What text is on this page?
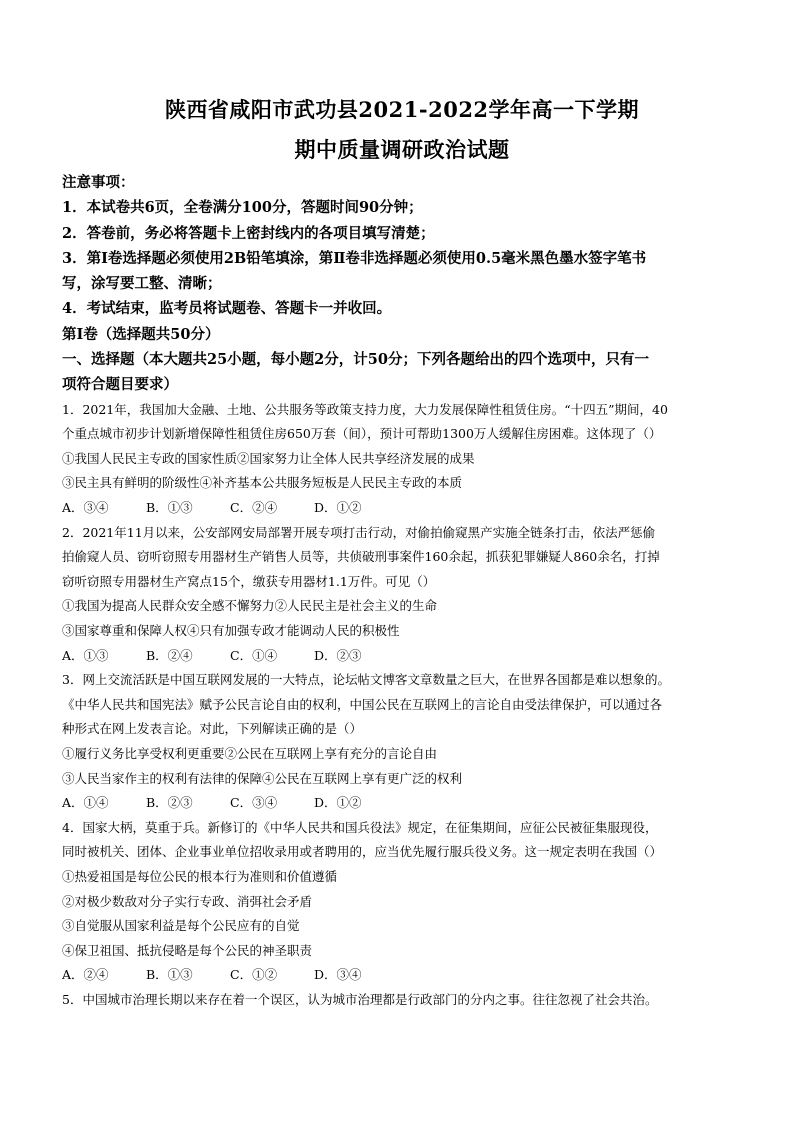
陕西省咸阳市武功县2021-2022学年高一下学期
期中质量调研政治试题
注意事项：
1．本试卷共6页，全卷满分100分，答题时间90分钟；
2．答卷前，务必将答题卡上密封线内的各项目填写清楚；
3．第Ⅰ卷选择题必须使用2B铅笔填涂，第Ⅱ卷非选择题必须使用0.5毫米黑色墨水签字笔书
写，涂写要工整、清晰；
4．考试结束，监考员将试题卷、答题卡一并收回。
第Ⅰ卷（选择题共50分）
一、选择题（本大题共25小题，每小题2分，计50分；下列各题给出的四个选项中，只有一
项符合题目要求）
1．2021年，我国加大金融、土地、公共服务等政策支持力度，大力发展保障性租赁住房。“十四五”期间，40
个重点城市初步计划新增保障性租赁住房650万套（间），预计可帮助1300万人缓解住房困难。这体现了（）
①我国人民民主专政的国家性质②国家努力让全体人民共享经济发展的成果
③民主具有鲜明的阶级性④补齐基本公共服务短板是人民民主专政的本质
A．③④	B．①③	C．②④	D．①②
2．2021年11月以来，公安部网安局部署开展专项打击行动，对偷拍偷窥黑产实施全链条打击，依法严惩偷
拍偷窥人员、窃听窃照专用器材生产销售人员等，共侦破刑事案件160余起，抓获犯罪嫌疑人860余名，打掉
窃听窃照专用器材生产窝点15个，缴获专用器材1.1万件。可见（）
①我国为提高人民群众安全感不懈努力②人民民主是社会主义的生命
③国家尊重和保障人权④只有加强专政才能调动人民的积极性
A．①③	B．②④	C．①④	D．②③
3．网上交流活跃是中国互联网发展的一大特点，论坛帖文博客文章数量之巨大，在世界各国都是难以想象的。
《中华人民共和国宪法》赋予公民言论自由的权利，中国公民在互联网上的言论自由受法律保护，可以通过各
种形式在网上发表言论。对此，下列解读正确的是（）
①履行义务比享受权利更重要②公民在互联网上享有充分的言论自由
③人民当家作主的权利有法律的保障④公民在互联网上享有更广泛的权利
A．①④	B．②③	C．③④	D．①②
4．国家大柄，莫重于兵。新修订的《中华人民共和国兵役法》规定，在征集期间，应征公民被征集服现役，
同时被机关、团体、企业事业单位招收录用或者聘用的，应当优先履行服兵役义务。这一规定表明在我国（）
①热爱祖国是每位公民的根本行为准则和价值遵循
②对极少数敌对分子实行专政、消弭社会矛盾
③自觉服从国家利益是每个公民应有的自觉
④保卫祖国、抵抗侵略是每个公民的神圣职责
A．②④	B．①③	C．①②	D．③④
5．中国城市治理长期以来存在着一个误区，认为城市治理都是行政部门的分内之事。往往忽视了社会共治。
